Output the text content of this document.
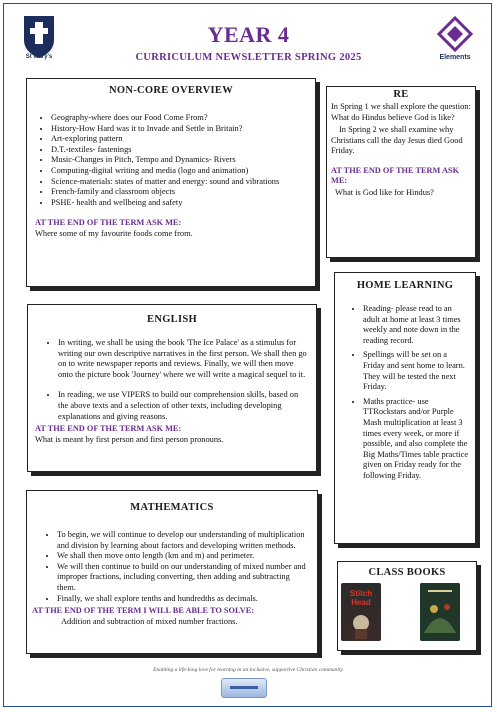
St Mary's	Elements
YEAR 4
CURRICULUM NEWSLETTER SPRING 2025
NON-CORE OVERVIEW
• Geography-where does our Food Come From?
• History-How Hard was it to Invade and Settle in Britain?
• Art-exploring pattern
• D.T.-textiles- fastenings
• Music-Changes in Pitch, Tempo and Dynamics- Rivers
• Computing-digital writing and media (logo and animation)
• Science-materials: states of matter and energy: sound and vibrations
• French-family and classroom objects
• PSHE- health and wellbeing and safety

AT THE END OF THE TERM ASK ME:

Where some of my favourite foods come from.

RE

In Spring 1 we shall explore the question: What do Hindus believe God is like?

In Spring 2 we shall examine why Christians call the day Jesus died Good Friday.

AT THE END OF THE TERM ASK ME:

What is God like for Hindus?

ENGLISH
• In writing, we shall be using the book 'The Ice Palace' as a stimulus for writing our own descriptive narratives in the first person. We shall then go on to write newspaper reports and reviews. Finally, we will then move onto the picture book 'Journey' where we will write a magical sequel to it.
• In reading, we use VIPERS to build our comprehension skills, based on the above texts and a selection of other texts, including developing explanations and giving reasons.

AT THE END OF THE TERM ASK ME:

What is meant by first person and first person pronouns.

HOME LEARNING
• Reading- please read to an adult at home at least 3 times weekly and note down in the reading record.
• Spellings will be set on a Friday and sent home to learn. They will be tested the next Friday.
• Maths practice- use TTRockstars and/or Purple Mash multiplication at least 3 times every week, or more if possible, and also complete the Big Maths/Times table practice given on Friday ready for the following Friday.
MATHEMATICS
• To begin, we will continue to develop our understanding of multiplication and division by learning about factors and developing written methods.
• We shall then move onto length (km and m) and perimeter.
• We will then continue to build on our understanding of mixed number and improper fractions, including converting, then adding and subtracting them.
• Finally, we shall explore tenths and hundredths as decimals.

AT THE END OF THE TERM I WILL BE ABLE TO SOLVE:

Addition and subtraction of mixed number fractions.

CLASS BOOKS
Stitch Head
Enabling a life-long love for learning in an inclusive, supportive Christian community.
